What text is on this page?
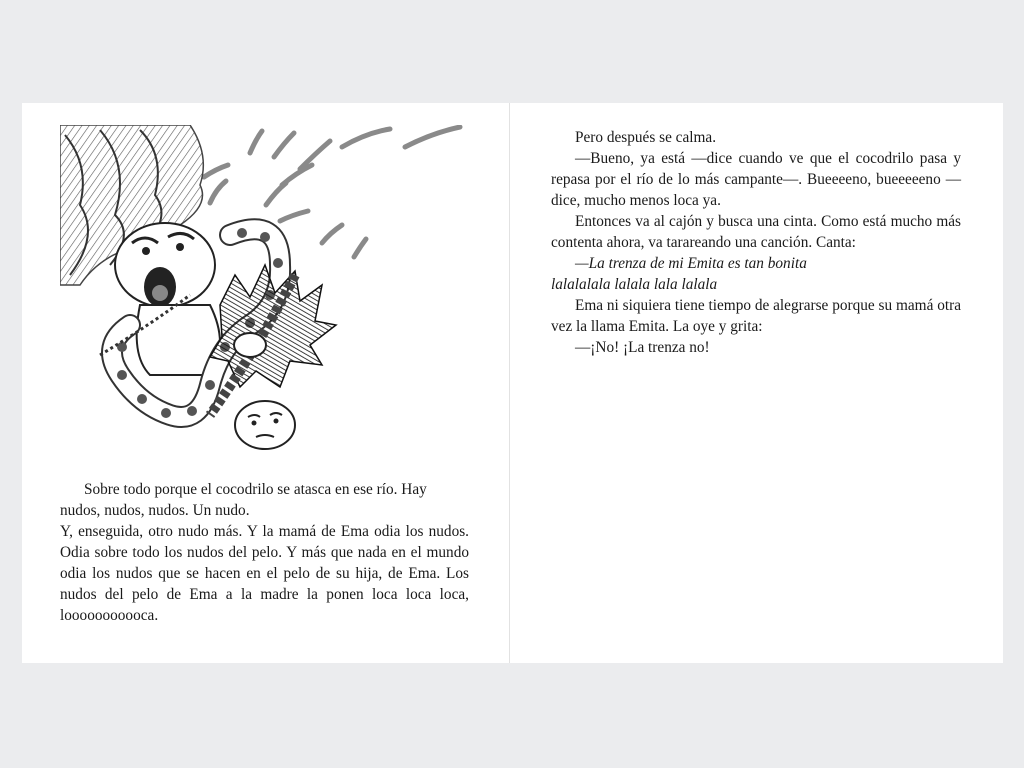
Sobre todo porque el cocodrilo se atasca en ese río. Hay nudos, nudos, nudos. Un nudo.

Y, enseguida, otro nudo más. Y la mamá de Ema odia los nudos. Odia sobre todo los nudos del pelo. Y más que nada en el mundo odia los nudos que se hacen en el pelo de su hija, de Ema. Los nudos del pelo de Ema a la madre la ponen loca loca loca, looooooooooca.

Pero después se calma.

—Bueno, ya está —dice cuando ve que el cocodrilo pasa y repasa por el río de lo más campante—. Bueeeeno, bueeeeeno —dice, mucho menos loca ya.

Entonces va al cajón y busca una cinta. Como está mucho más contenta ahora, va tarareando una canción. Canta:

—La trenza de mi Emita es tan bonita

lalalalala lalala lala lalala

Ema ni siquiera tiene tiempo de alegrarse porque su mamá otra vez la llama Emita. La oye y grita:

—¡No! ¡La trenza no!
